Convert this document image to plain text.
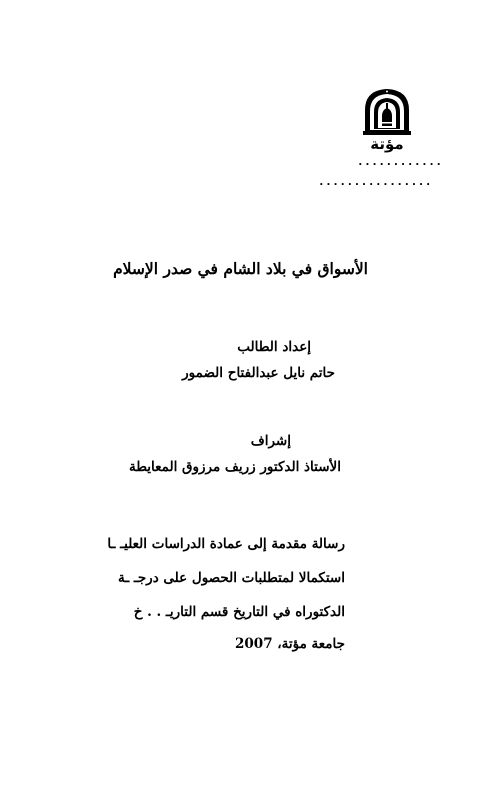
مؤتة
............
................
الأسواق في بلاد الشام في صدر الإسلام
إعداد الطالب
حاتم نايل عبدالفتاح الضمور
إشراف
الأستاذ الدكتور زريف مرزوق المعايطة
رسالة مقدمة إلى عمادة الدراسات العليـ ـا
استكمالا لمتطلبات الحصول على درجـ ـة
الدكتوراه في التاريخ قسم التاريـ . . خ
جامعة مؤتة، 2007
